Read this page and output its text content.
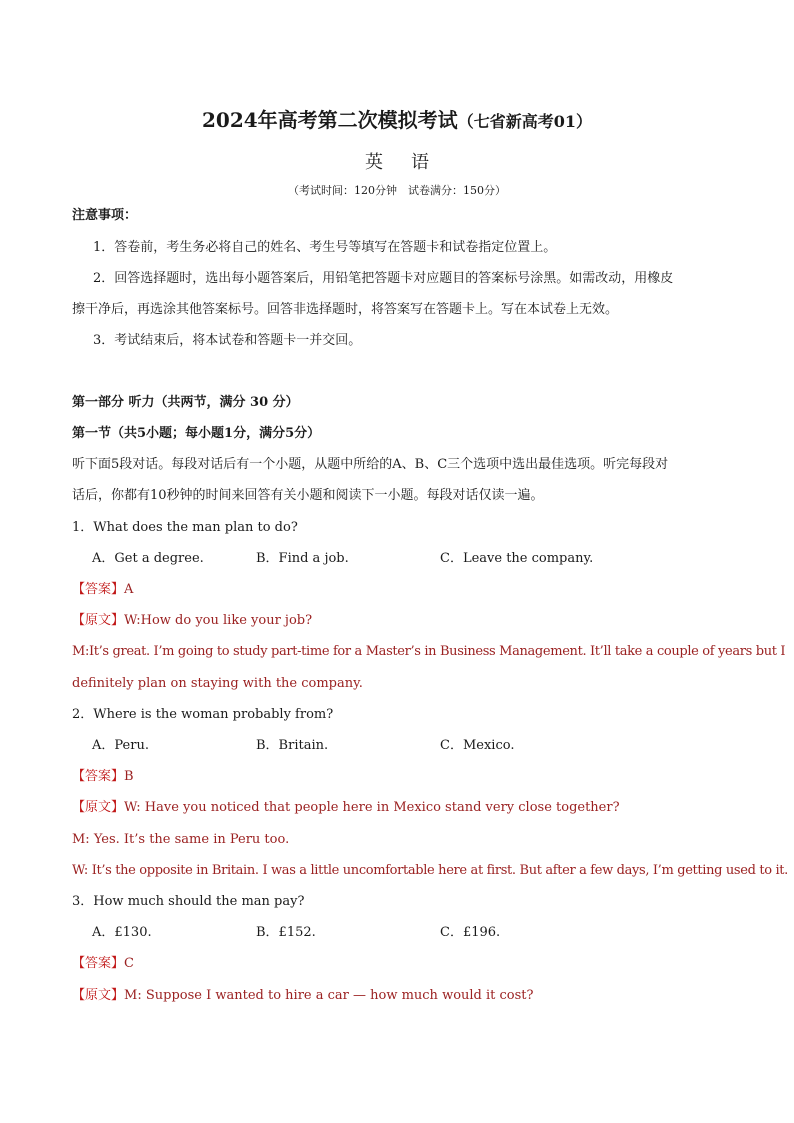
2024年高考第二次模拟考试（七省新高考01）
英语
（考试时间：120分钟　试卷满分：150分）
注意事项：
1．答卷前，考生务必将自己的姓名、考生号等填写在答题卡和试卷指定位置上。
2．回答选择题时，选出每小题答案后，用铅笔把答题卡对应题目的答案标号涂黑。如需改动，用橡皮
擦干净后，再选涂其他答案标号。回答非选择题时，将答案写在答题卡上。写在本试卷上无效。
3．考试结束后，将本试卷和答题卡一并交回。
第一部分 听力（共两节，满分 30 分）
第一节（共5小题；每小题1分，满分5分）
听下面5段对话。每段对话后有一个小题，从题中所给的A、B、C三个选项中选出最佳选项。听完每段对
话后，你都有10秒钟的时间来回答有关小题和阅读下一小题。每段对话仅读一遍。
1．What does the man plan to do?
A．Get a degree.	B．Find a job.	C．Leave the company.
【答案】A
【原文】W:How do you like your job?
M:It’s great. I’m going to study part-time for a Master’s in Business Management. It’ll take a couple of years but I
definitely plan on staying with the company.
2．Where is the woman probably from?
A．Peru.	B．Britain.	C．Mexico.
【答案】B
【原文】W: Have you noticed that people here in Mexico stand very close together?
M: Yes. It’s the same in Peru too.
W: It’s the opposite in Britain. I was a little uncomfortable here at first. But after a few days, I’m getting used to it.
3．How much should the man pay?
A．£130.	B．£152.	C．£196.
【答案】C
【原文】M: Suppose I wanted to hire a car — how much would it cost?
